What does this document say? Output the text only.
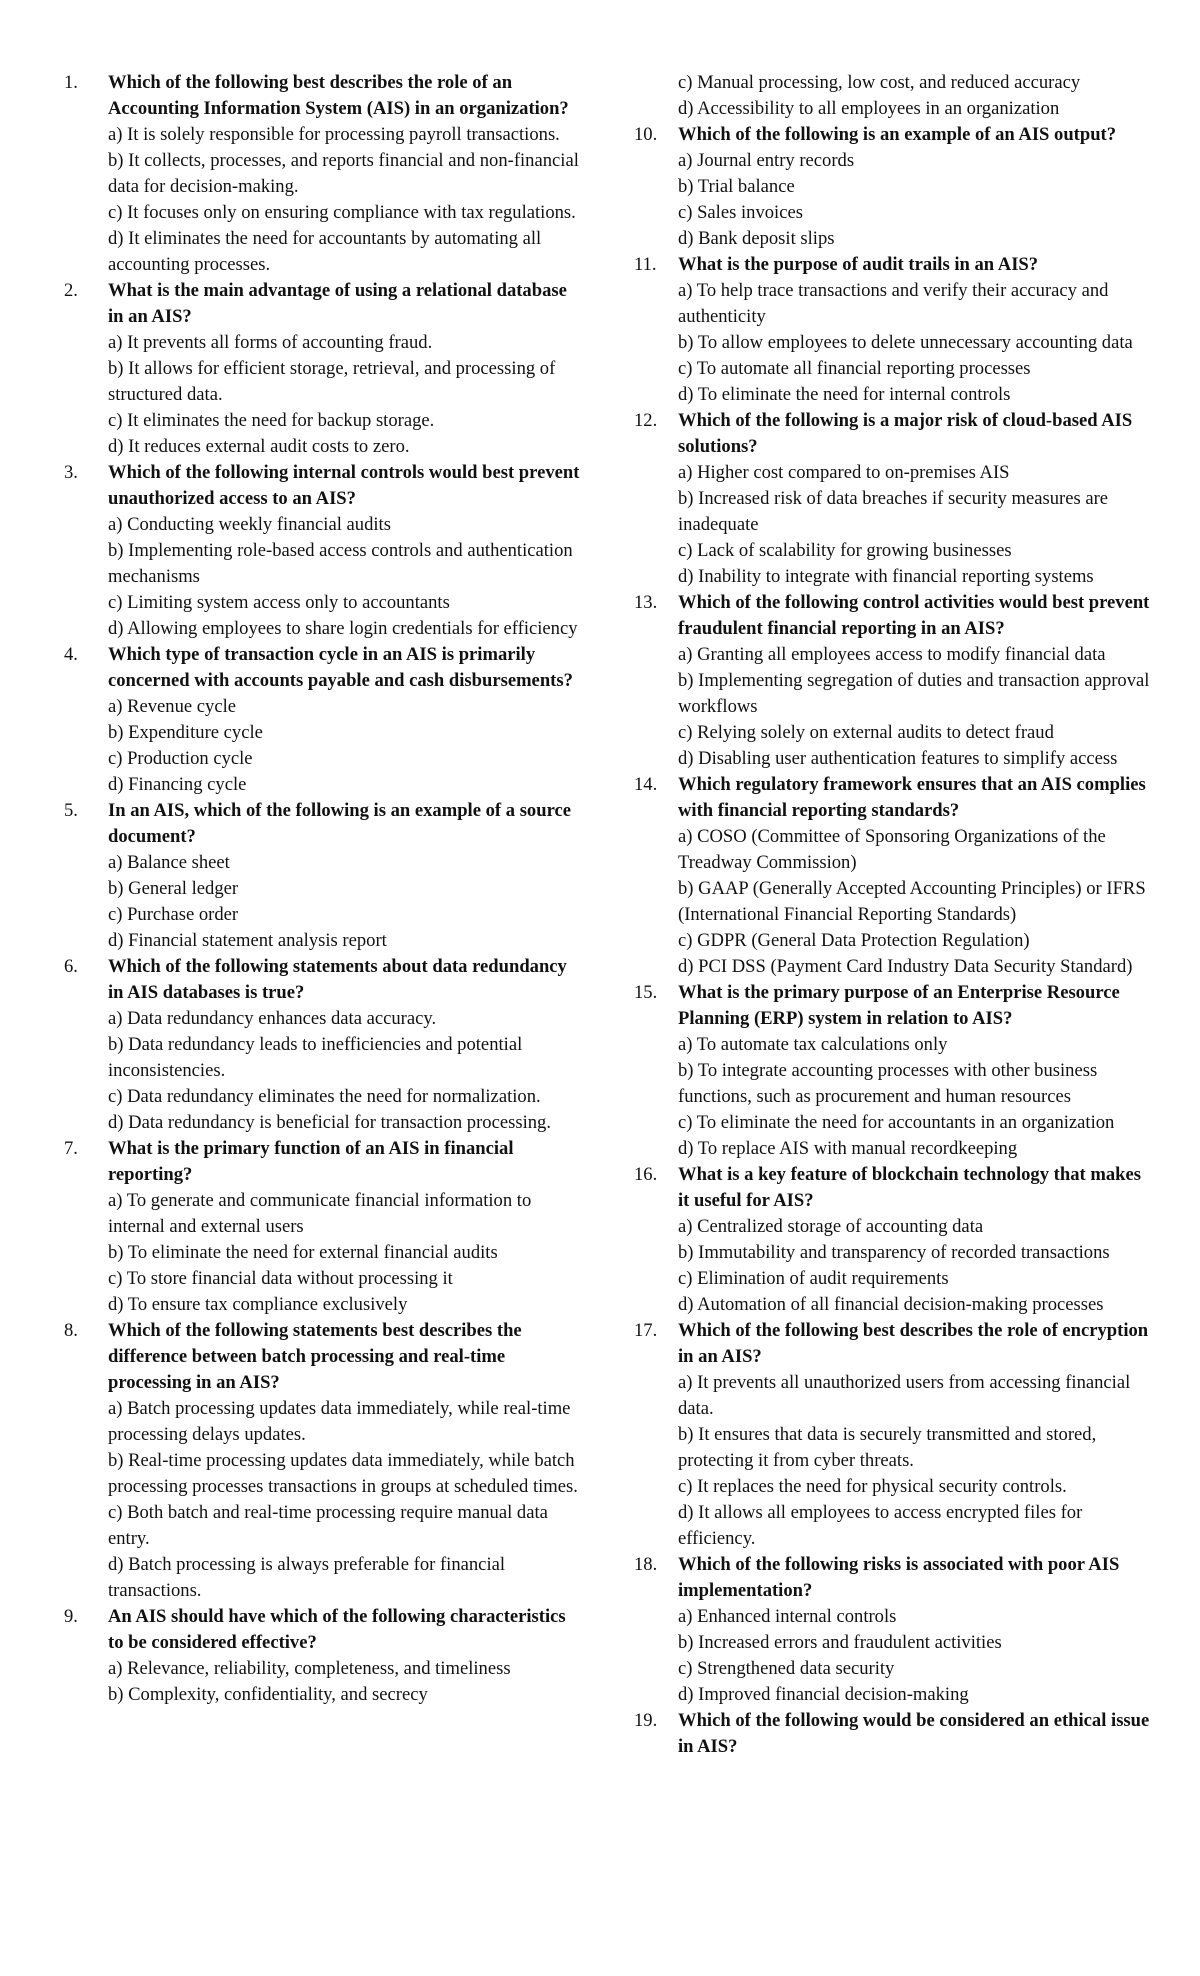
1.	Which of the following best describes the role of an Accounting Information System (AIS) in an organization?
a) It is solely responsible for processing payroll transactions.
b) It collects, processes, and reports financial and non-financial data for decision-making.
c) It focuses only on ensuring compliance with tax regulations.
d) It eliminates the need for accountants by automating all accounting processes.
2.	What is the main advantage of using a relational database in an AIS?
a) It prevents all forms of accounting fraud.
b) It allows for efficient storage, retrieval, and processing of structured data.
c) It eliminates the need for backup storage.
d) It reduces external audit costs to zero.
3.	Which of the following internal controls would best prevent unauthorized access to an AIS?
a) Conducting weekly financial audits
b) Implementing role-based access controls and authentication mechanisms
c) Limiting system access only to accountants
d) Allowing employees to share login credentials for efficiency
4.	Which type of transaction cycle in an AIS is primarily concerned with accounts payable and cash disbursements?
a) Revenue cycle
b) Expenditure cycle
c) Production cycle
d) Financing cycle
5.	In an AIS, which of the following is an example of a source document?
a) Balance sheet
b) General ledger
c) Purchase order
d) Financial statement analysis report
6.	Which of the following statements about data redundancy in AIS databases is true?
a) Data redundancy enhances data accuracy.
b) Data redundancy leads to inefficiencies and potential inconsistencies.
c) Data redundancy eliminates the need for normalization.
d) Data redundancy is beneficial for transaction processing.
7.	What is the primary function of an AIS in financial reporting?
a) To generate and communicate financial information to internal and external users
b) To eliminate the need for external financial audits
c) To store financial data without processing it
d) To ensure tax compliance exclusively
8.	Which of the following statements best describes the difference between batch processing and real-time processing in an AIS?
a) Batch processing updates data immediately, while real-time processing delays updates.
b) Real-time processing updates data immediately, while batch processing processes transactions in groups at scheduled times.
c) Both batch and real-time processing require manual data entry.
d) Batch processing is always preferable for financial transactions.
9.	An AIS should have which of the following characteristics to be considered effective?
a) Relevance, reliability, completeness, and timeliness
b) Complexity, confidentiality, and secrecy
c) Manual processing, low cost, and reduced accuracy
d) Accessibility to all employees in an organization
10.	Which of the following is an example of an AIS output?
a) Journal entry records
b) Trial balance
c) Sales invoices
d) Bank deposit slips
11.	What is the purpose of audit trails in an AIS?
a) To help trace transactions and verify their accuracy and authenticity
b) To allow employees to delete unnecessary accounting data
c) To automate all financial reporting processes
d) To eliminate the need for internal controls
12.	Which of the following is a major risk of cloud-based AIS solutions?
a) Higher cost compared to on-premises AIS
b) Increased risk of data breaches if security measures are inadequate
c) Lack of scalability for growing businesses
d) Inability to integrate with financial reporting systems
13.	Which of the following control activities would best prevent fraudulent financial reporting in an AIS?
a) Granting all employees access to modify financial data
b) Implementing segregation of duties and transaction approval workflows
c) Relying solely on external audits to detect fraud
d) Disabling user authentication features to simplify access
14.	Which regulatory framework ensures that an AIS complies with financial reporting standards?
a) COSO (Committee of Sponsoring Organizations of the Treadway Commission)
b) GAAP (Generally Accepted Accounting Principles) or IFRS (International Financial Reporting Standards)
c) GDPR (General Data Protection Regulation)
d) PCI DSS (Payment Card Industry Data Security Standard)
15.	What is the primary purpose of an Enterprise Resource Planning (ERP) system in relation to AIS?
a) To automate tax calculations only
b) To integrate accounting processes with other business functions, such as procurement and human resources
c) To eliminate the need for accountants in an organization
d) To replace AIS with manual recordkeeping
16.	What is a key feature of blockchain technology that makes it useful for AIS?
a) Centralized storage of accounting data
b) Immutability and transparency of recorded transactions
c) Elimination of audit requirements
d) Automation of all financial decision-making processes
17.	Which of the following best describes the role of encryption in an AIS?
a) It prevents all unauthorized users from accessing financial data.
b) It ensures that data is securely transmitted and stored, protecting it from cyber threats.
c) It replaces the need for physical security controls.
d) It allows all employees to access encrypted files for efficiency.
18.	Which of the following risks is associated with poor AIS implementation?
a) Enhanced internal controls
b) Increased errors and fraudulent activities
c) Strengthened data security
d) Improved financial decision-making
19.	Which of the following would be considered an ethical issue in AIS?
